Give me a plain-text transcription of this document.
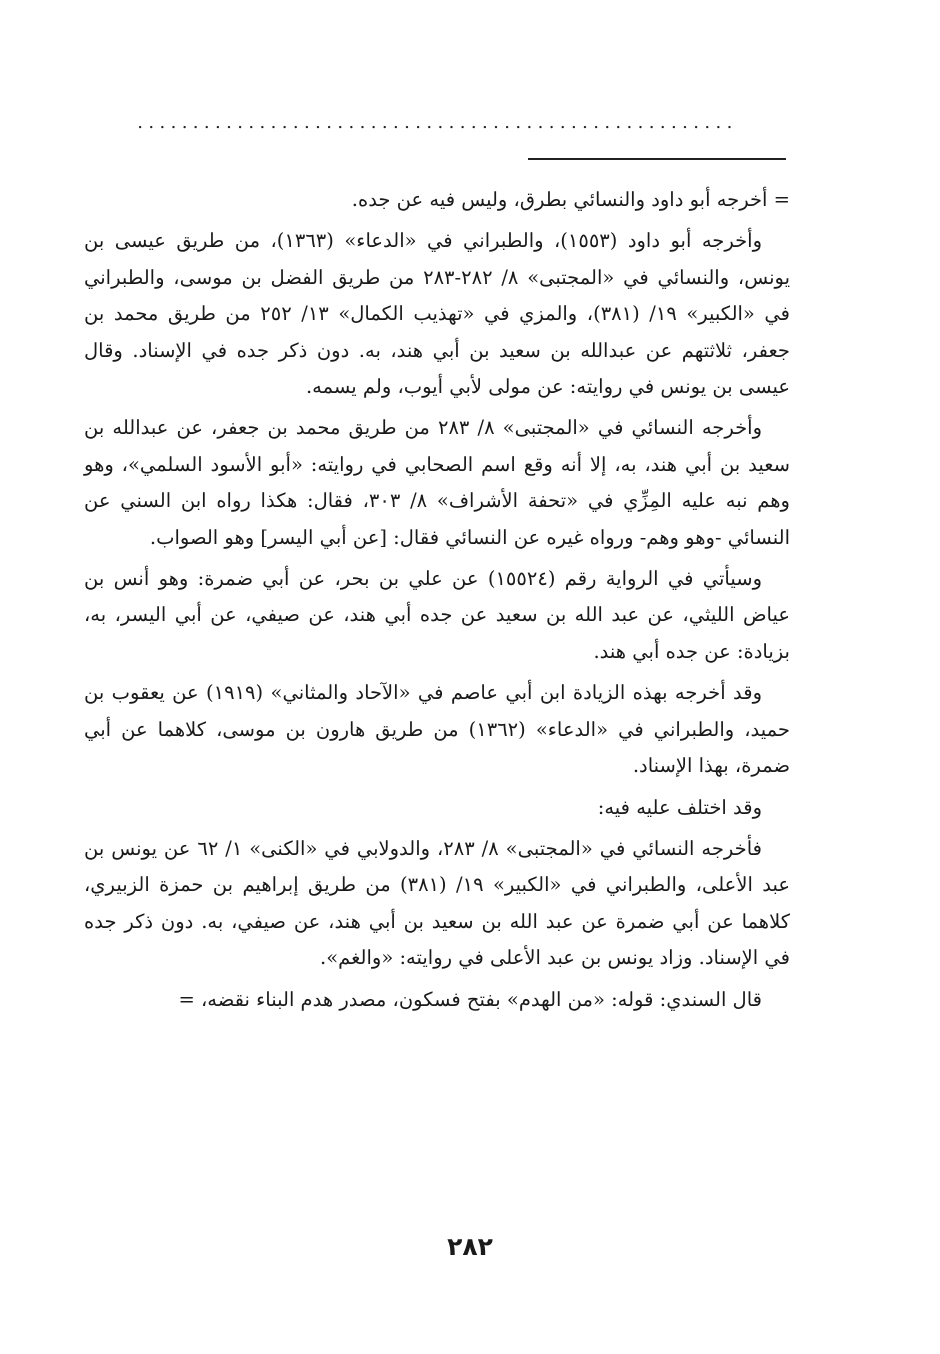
......................................................

= أخرجه أبو داود والنسائي بطرق، وليس فيه عن جده.

وأخرجه أبو داود (١٥٥٣)، والطبراني في «الدعاء» (١٣٦٣)، من طريق عيسى بن يونس، والنسائي في «المجتبى» ٨/ ٢٨٢-٢٨٣ من طريق الفضل بن موسى، والطبراني في «الكبير» ١٩/ (٣٨١)، والمزي في «تهذيب الكمال» ١٣/ ٢٥٢ من طريق محمد بن جعفر، ثلاثتهم عن عبدالله بن سعيد بن أبي هند، به. دون ذكر جده في الإسناد. وقال عيسى بن يونس في روايته: عن مولى لأبي أيوب، ولم يسمه.

وأخرجه النسائي في «المجتبى» ٨/ ٢٨٣ من طريق محمد بن جعفر، عن عبدالله بن سعيد بن أبي هند، به، إلا أنه وقع اسم الصحابي في روايته: «أبو الأسود السلمي»، وهو وهم نبه عليه المِزِّي في «تحفة الأشراف» ٨/ ٣٠٣، فقال: هكذا رواه ابن السني عن النسائي -وهو وهم- ورواه غيره عن النسائي فقال: [عن أبي اليسر] وهو الصواب.

وسيأتي في الرواية رقم (١٥٥٢٤) عن علي بن بحر، عن أبي ضمرة: وهو أنس بن عياض الليثي، عن عبد الله بن سعيد عن جده أبي هند، عن صيفي، عن أبي اليسر، به، بزيادة: عن جده أبي هند.

وقد أخرجه بهذه الزيادة ابن أبي عاصم في «الآحاد والمثاني» (١٩١٩) عن يعقوب بن حميد، والطبراني في «الدعاء» (١٣٦٢) من طريق هارون بن موسى، كلاهما عن أبي ضمرة، بهذا الإسناد.

وقد اختلف عليه فيه:

فأخرجه النسائي في «المجتبى» ٨/ ٢٨٣، والدولابي في «الكنى» ١/ ٦٢ عن يونس بن عبد الأعلى، والطبراني في «الكبير» ١٩/ (٣٨١) من طريق إبراهيم بن حمزة الزبيري، كلاهما عن أبي ضمرة عن عبد الله بن سعيد بن أبي هند، عن صيفي، به. دون ذكر جده في الإسناد. وزاد يونس بن عبد الأعلى في روايته: «والغم».

قال السندي: قوله: «من الهدم» بفتح فسكون، مصدر هدم البناء نقضه، =

٢٨٢
